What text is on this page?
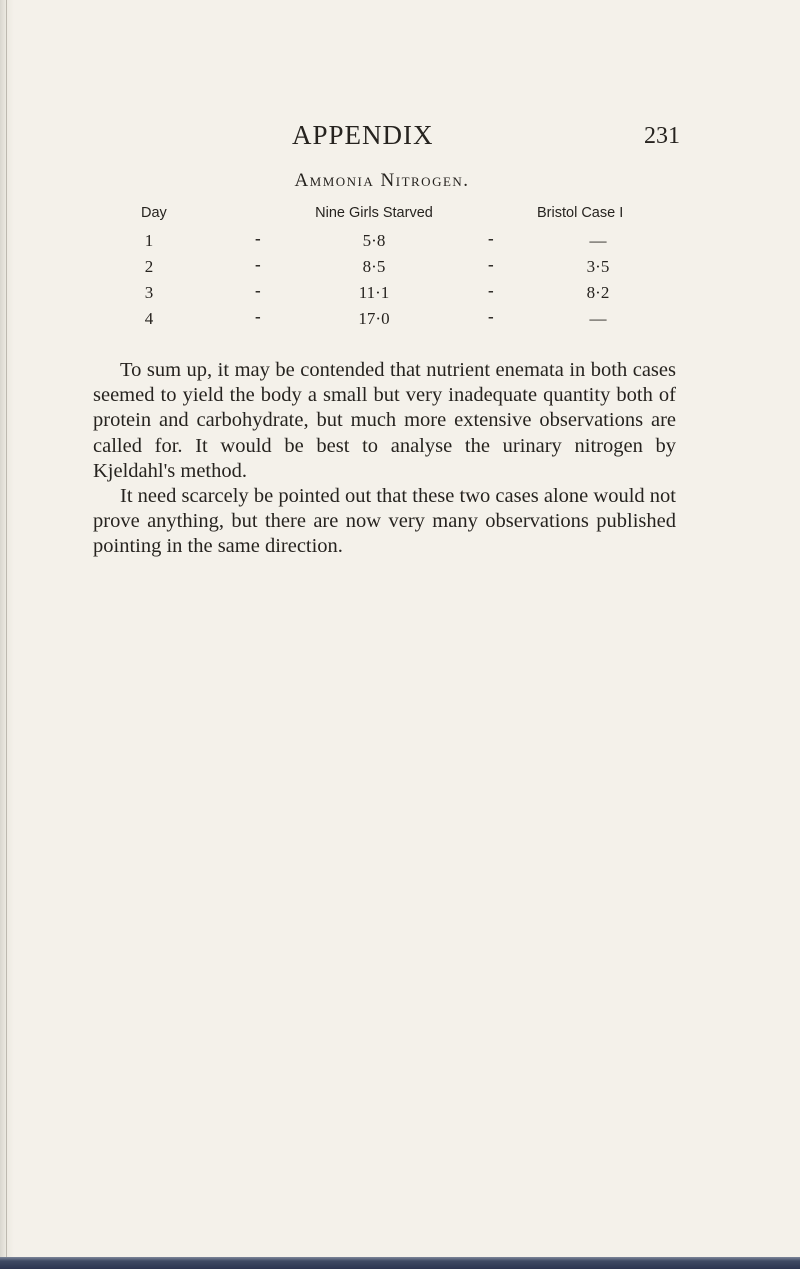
APPENDIX	231
Ammonia Nitrogen.
Day	Nine Girls Starved	Bristol Case I
1	-	5·8	-	—
2	-	8·5	-	3·5
3	-	11·1	-	8·2
4	-	17·0	-	—

To sum up, it may be contended that nutrient enemata in both cases seemed to yield the body a small but very inadequate quantity both of protein and carbohydrate, but much more extensive observations are called for. It would be best to analyse the urinary nitrogen by Kjeldahl's method.

It need scarcely be pointed out that these two cases alone would not prove anything, but there are now very many observations published pointing in the same direction.
